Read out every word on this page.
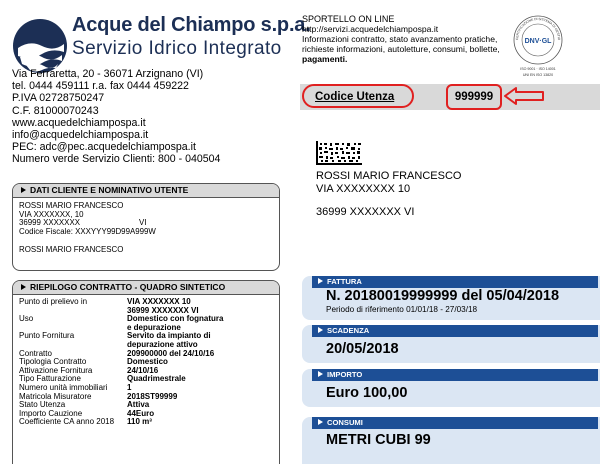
Acque del Chiampo s.p.a.
Servizio Idrico Integrato
Via Ferraretta, 20 - 36071 Arzignano (VI)
tel. 0444 459111 r.a. fax 0444 459222
P.IVA 02728750247
C.F. 81000070243
www.acquedelchiampospa.it
info@acquedelchiampospa.it
PEC: adc@pec.acquedelchiampospa.it
Numero verde Servizio Clienti: 800 - 040504
SPORTELLO ON LINE
http://servizi.acquedelchiampospa.it
Informazioni contratto, stato avanzamento pratiche,
richieste informazioni, autoletture, consumi, bollette,
pagamenti.
CERTIFICAZIONE DI SISTEMA DI GESTIO
DNV·GL
ISO 9001 · ISO 14001
UNI EN ISO 13820
Codice Utenza	999999
ROSSI MARIO FRANCESCO
VIA XXXXXXXX 10
36999 XXXXXXX VI
DATI CLIENTE E NOMINATIVO UTENTE
ROSSI MARIO FRANCESCO
VIA XXXXXXX, 10
36999 XXXXXXX	VI
Codice Fiscale: XXXYYY99D99A999W
ROSSI MARIO FRANCESCO
RIEPILOGO CONTRATTO - QUADRO SINTETICO
Punto di prelievo in	VIA XXXXXXX 10
36999 XXXXXXX VI
Uso	Domestico con fognatura
e depurazione
Punto Fornitura	Servito da impianto di
depurazione attivo
Contratto	209900000 del 24/10/16
Tipologia Contratto	Domestico
Attivazione Fornitura	24/10/16
Tipo Fatturazione	Quadrimestrale
Numero unità immobiliari	1
Matricola Misuratore	2018ST99999
Stato Utenza	Attiva
Importo Cauzione	44Euro
Coefficiente CA anno 2018	110 m³
FATTURA
N. 20180019999999 del 05/04/2018
Periodo di riferimento 01/01/18 - 27/03/18
SCADENZA
20/05/2018
IMPORTO
Euro 100,00
CONSUMI
METRI CUBI 99
